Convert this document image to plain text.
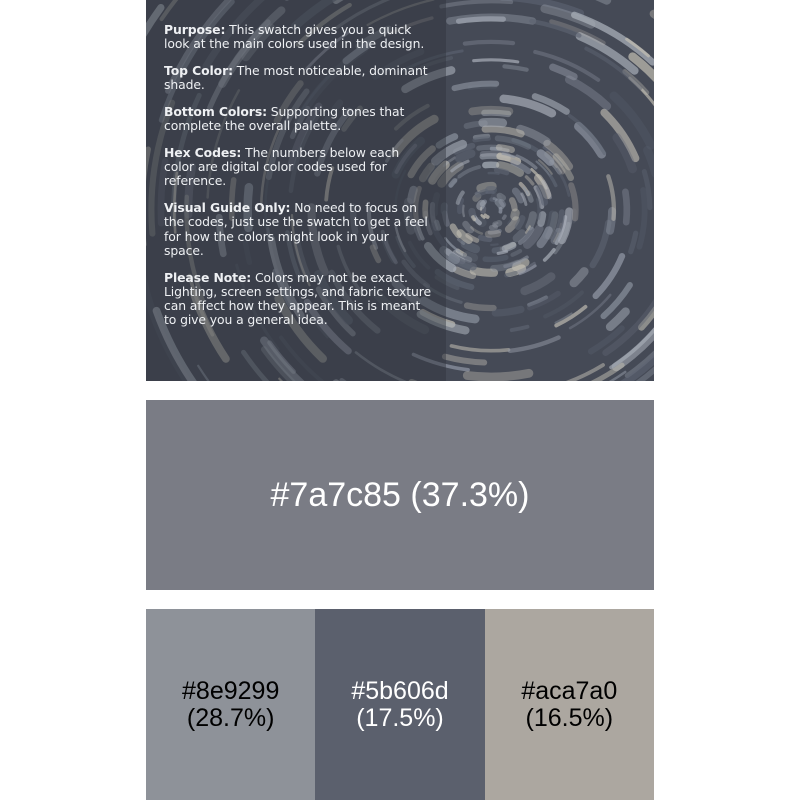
Purpose: This swatch gives you a quick look at the main colors used in the design.

Top Color: The most noticeable, dominant shade.

Bottom Colors: Supporting tones that complete the overall palette.

Hex Codes: The numbers below each color are digital color codes used for reference.

Visual Guide Only: No need to focus on the codes, just use the swatch to get a feel for how the colors might look in your space.

Please Note: Colors may not be exact. Lighting, screen settings, and fabric texture can affect how they appear. This is meant to give you a general idea.

#7a7c85 (37.3%)
#8e9299
(28.7%)
#5b606d
(17.5%)
#aca7a0
(16.5%)
